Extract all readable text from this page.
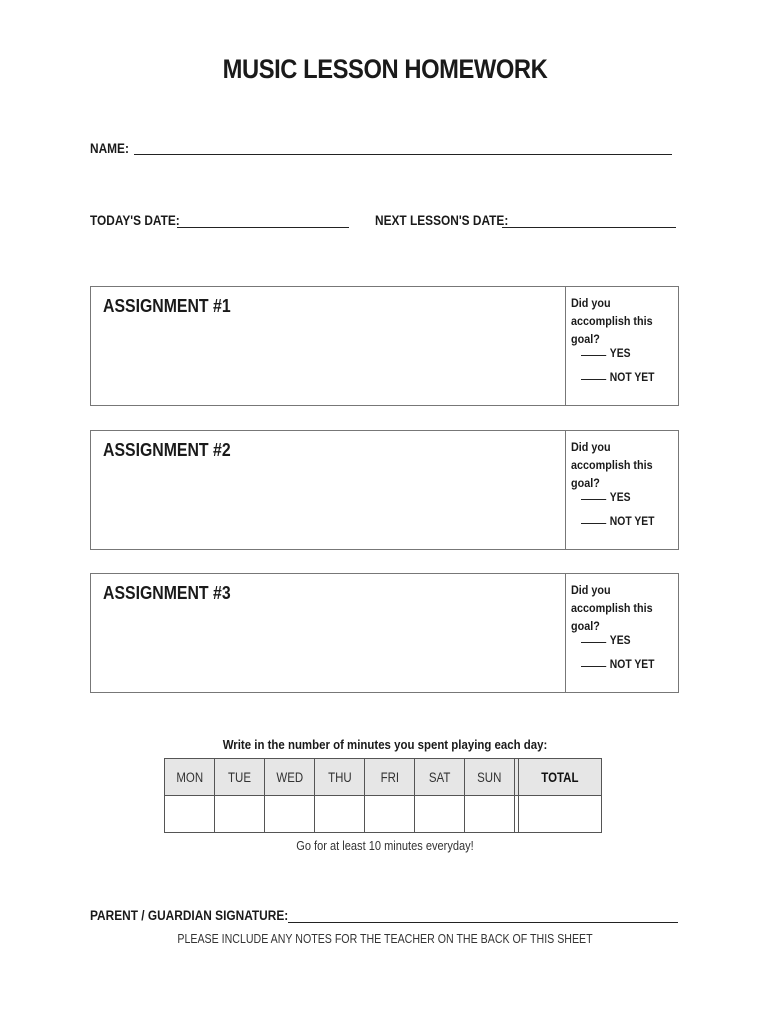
MUSIC LESSON HOMEWORK
NAME:
TODAY'S DATE:	NEXT LESSON'S DATE:
ASSIGNMENT #1	Did you accomplish this goal?
YES
NOT YET
ASSIGNMENT #2	Did you accomplish this goal?
YES
NOT YET
ASSIGNMENT #3	Did you accomplish this goal?
YES
NOT YET
Write in the number of minutes you spent playing each day:
MON	TUE	WED	THU	FRI	SAT	SUN		TOTAL

Go for at least 10 minutes everyday!
PARENT / GUARDIAN SIGNATURE:
PLEASE INCLUDE ANY NOTES FOR THE TEACHER ON THE BACK OF THIS SHEET
